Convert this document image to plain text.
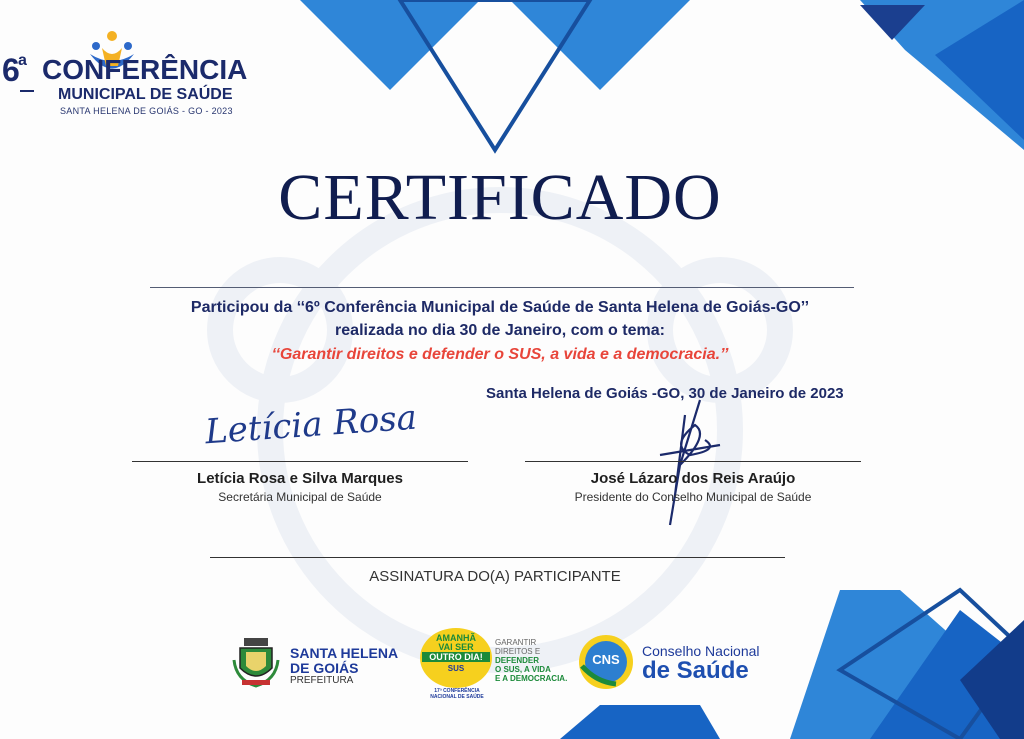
6 a CONFERÊNCIA
MUNICIPAL DE SAÚDE
SANTA HELENA DE GOIÁS - GO - 2023
CERTIFICADO
Participou da ‘‘6º Conferência Municipal de Saúde de Santa Helena de Goiás-GO’’
realizada no dia 30 de Janeiro, com o tema:
‘‘Garantir direitos e defender o SUS, a vida e a democracia.’’
Santa Helena de Goiás -GO, 30 de Janeiro de 2023
Letícia Rosa
Letícia Rosa e Silva Marques
Secretária Municipal de Saúde
José Lázaro dos Reis Araújo
Presidente do Conselho Municipal de Saúde
ASSINATURA DO(A) PARTICIPANTE
SANTA HELENA
DE GOIÁS
PREFEITURA
AMANHÃ
VAI SER
OUTRO DIA!
SUS
17ª CONFERÊNCIA
NACIONAL DE SAÚDE
GARANTIR
DIREITOS E
DEFENDER
O SUS, A VIDA
E A DEMOCRACIA.
CNS
Conselho Nacional
de Saúde
